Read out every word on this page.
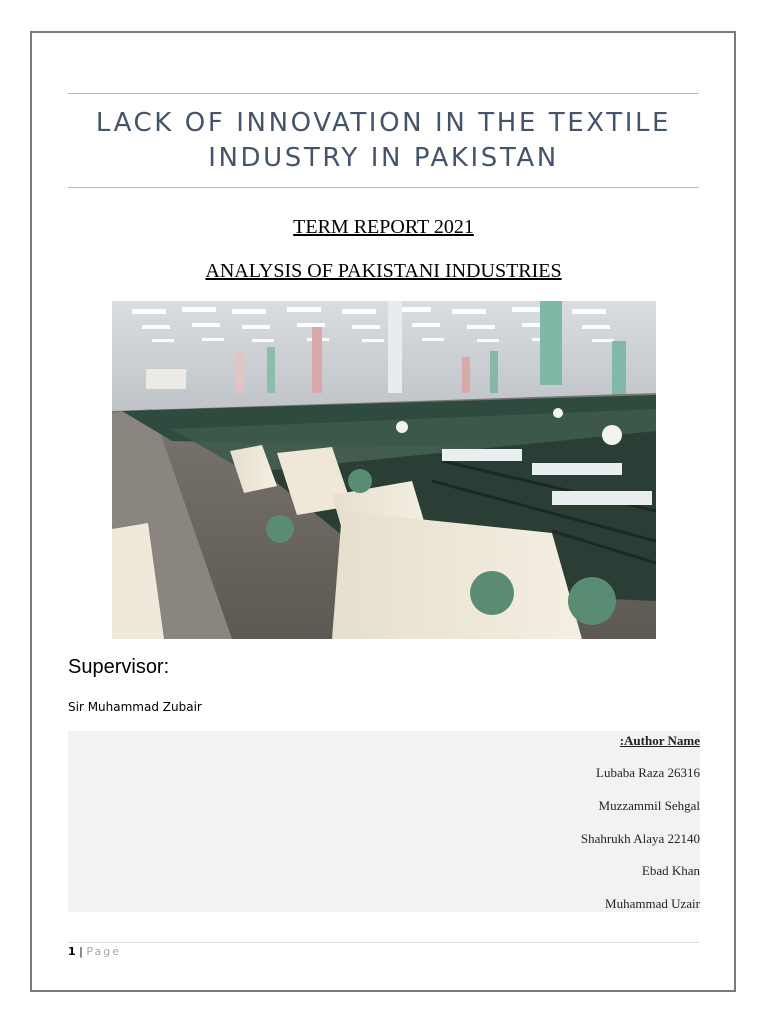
LACK OF INNOVATION IN THE TEXTILE INDUSTRY IN PAKISTAN
TERM REPORT 2021
ANALYSIS OF PAKISTANI INDUSTRIES
Supervisor:
Sir Muhammad Zubair
:Author Name
Lubaba Raza 26316
Muzzammil Sehgal
Shahrukh Alaya 22140
Ebad Khan
Muhammad Uzair
1 | Page
